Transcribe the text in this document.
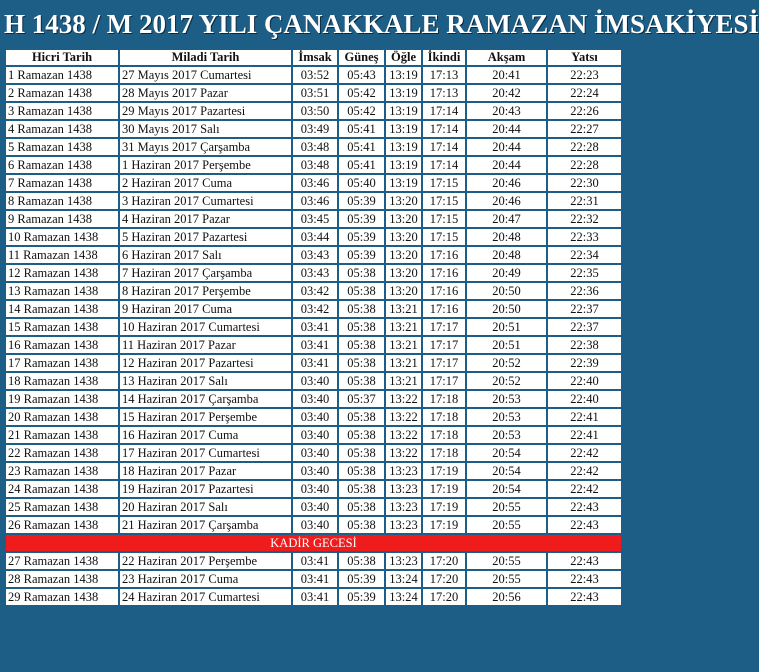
H 1438 / M 2017 YILI ÇANAKKALE RAMAZAN İMSAKİYESİ
Hicri Tarih	Miladi Tarih	İmsak	Güneş	Öğle	İkindi	Akşam	Yatsı
1 Ramazan 1438	27 Mayıs 2017 Cumartesi	03:52	05:43	13:19	17:13	20:41	22:23
2 Ramazan 1438	28 Mayıs 2017 Pazar	03:51	05:42	13:19	17:13	20:42	22:24
3 Ramazan 1438	29 Mayıs 2017 Pazartesi	03:50	05:42	13:19	17:14	20:43	22:26
4 Ramazan 1438	30 Mayıs 2017 Salı	03:49	05:41	13:19	17:14	20:44	22:27
5 Ramazan 1438	31 Mayıs 2017 Çarşamba	03:48	05:41	13:19	17:14	20:44	22:28
6 Ramazan 1438	1 Haziran 2017 Perşembe	03:48	05:41	13:19	17:14	20:44	22:28
7 Ramazan 1438	2 Haziran 2017 Cuma	03:46	05:40	13:19	17:15	20:46	22:30
8 Ramazan 1438	3 Haziran 2017 Cumartesi	03:46	05:39	13:20	17:15	20:46	22:31
9 Ramazan 1438	4 Haziran 2017 Pazar	03:45	05:39	13:20	17:15	20:47	22:32
10 Ramazan 1438	5 Haziran 2017 Pazartesi	03:44	05:39	13:20	17:15	20:48	22:33
11 Ramazan 1438	6 Haziran 2017 Salı	03:43	05:39	13:20	17:16	20:48	22:34
12 Ramazan 1438	7 Haziran 2017 Çarşamba	03:43	05:38	13:20	17:16	20:49	22:35
13 Ramazan 1438	8 Haziran 2017 Perşembe	03:42	05:38	13:20	17:16	20:50	22:36
14 Ramazan 1438	9 Haziran 2017 Cuma	03:42	05:38	13:21	17:16	20:50	22:37
15 Ramazan 1438	10 Haziran 2017 Cumartesi	03:41	05:38	13:21	17:17	20:51	22:37
16 Ramazan 1438	11 Haziran 2017 Pazar	03:41	05:38	13:21	17:17	20:51	22:38
17 Ramazan 1438	12 Haziran 2017 Pazartesi	03:41	05:38	13:21	17:17	20:52	22:39
18 Ramazan 1438	13 Haziran 2017 Salı	03:40	05:38	13:21	17:17	20:52	22:40
19 Ramazan 1438	14 Haziran 2017 Çarşamba	03:40	05:37	13:22	17:18	20:53	22:40
20 Ramazan 1438	15 Haziran 2017 Perşembe	03:40	05:38	13:22	17:18	20:53	22:41
21 Ramazan 1438	16 Haziran 2017 Cuma	03:40	05:38	13:22	17:18	20:53	22:41
22 Ramazan 1438	17 Haziran 2017 Cumartesi	03:40	05:38	13:22	17:18	20:54	22:42
23 Ramazan 1438	18 Haziran 2017 Pazar	03:40	05:38	13:23	17:19	20:54	22:42
24 Ramazan 1438	19 Haziran 2017 Pazartesi	03:40	05:38	13:23	17:19	20:54	22:42
25 Ramazan 1438	20 Haziran 2017 Salı	03:40	05:38	13:23	17:19	20:55	22:43
26 Ramazan 1438	21 Haziran 2017 Çarşamba	03:40	05:38	13:23	17:19	20:55	22:43
KADİR GECESİ							
27 Ramazan 1438	22 Haziran 2017 Perşembe	03:41	05:38	13:23	17:20	20:55	22:43
28 Ramazan 1438	23 Haziran 2017 Cuma	03:41	05:39	13:24	17:20	20:55	22:43
29 Ramazan 1438	24 Haziran 2017 Cumartesi	03:41	05:39	13:24	17:20	20:56	22:43
